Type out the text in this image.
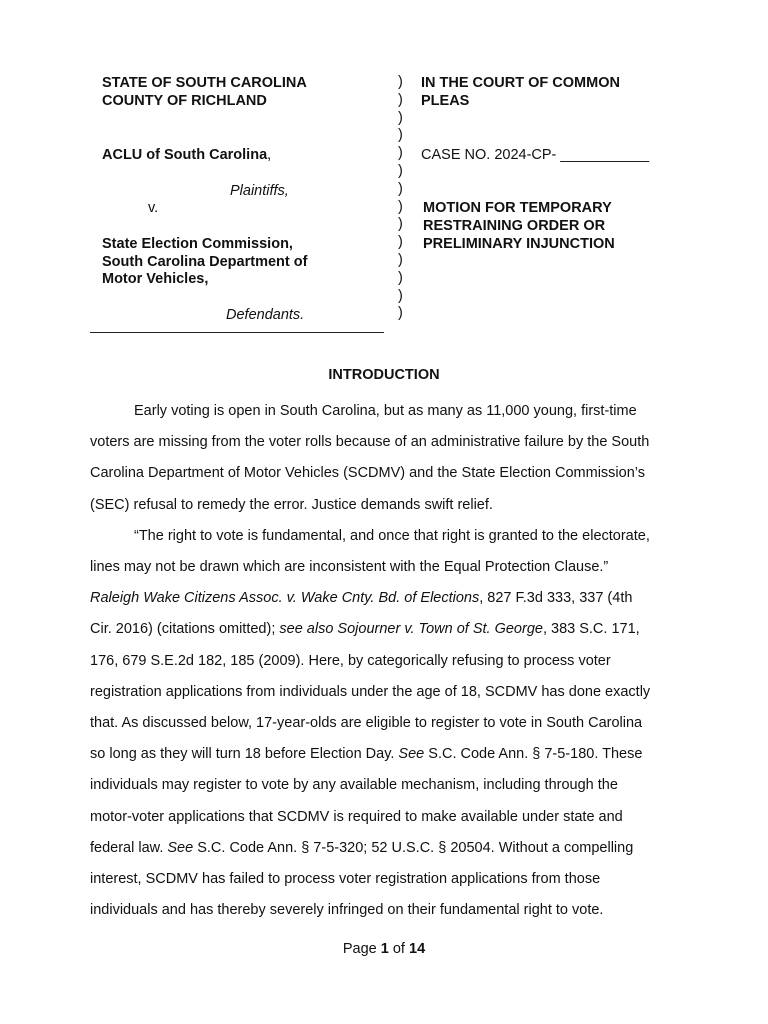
STATE OF SOUTH CAROLINA
COUNTY OF RICHLAND
ACLU of South Carolina,
Plaintiffs,
v.
State Election Commission,
South Carolina Department of
Motor Vehicles,
Defendants.
)
)
)
)
)
)
)
)
)
)
)
)
)
)
IN THE COURT OF COMMON
PLEAS
CASE NO. 2024-CP- ___________
MOTION FOR TEMPORARY
RESTRAINING ORDER OR
PRELIMINARY INJUNCTION
INTRODUCTION
Early voting is open in South Carolina, but as many as 11,000 young, first-time
voters are missing from the voter rolls because of an administrative failure by the South
Carolina Department of Motor Vehicles (SCDMV) and the State Election Commission’s
(SEC) refusal to remedy the error. Justice demands swift relief.
“The right to vote is fundamental, and once that right is granted to the electorate,
lines may not be drawn which are inconsistent with the Equal Protection Clause.”
Raleigh Wake Citizens Assoc. v. Wake Cnty. Bd. of Elections, 827 F.3d 333, 337 (4th
Cir. 2016) (citations omitted); see also Sojourner v. Town of St. George, 383 S.C. 171,
176, 679 S.E.2d 182, 185 (2009). Here, by categorically refusing to process voter
registration applications from individuals under the age of 18, SCDMV has done exactly
that. As discussed below, 17-year-olds are eligible to register to vote in South Carolina
so long as they will turn 18 before Election Day. See S.C. Code Ann. § 7-5-180. These
individuals may register to vote by any available mechanism, including through the
motor-voter applications that SCDMV is required to make available under state and
federal law. See S.C. Code Ann. § 7-5-320; 52 U.S.C. § 20504. Without a compelling
interest, SCDMV has failed to process voter registration applications from those
individuals and has thereby severely infringed on their fundamental right to vote.
Page 1 of 14
